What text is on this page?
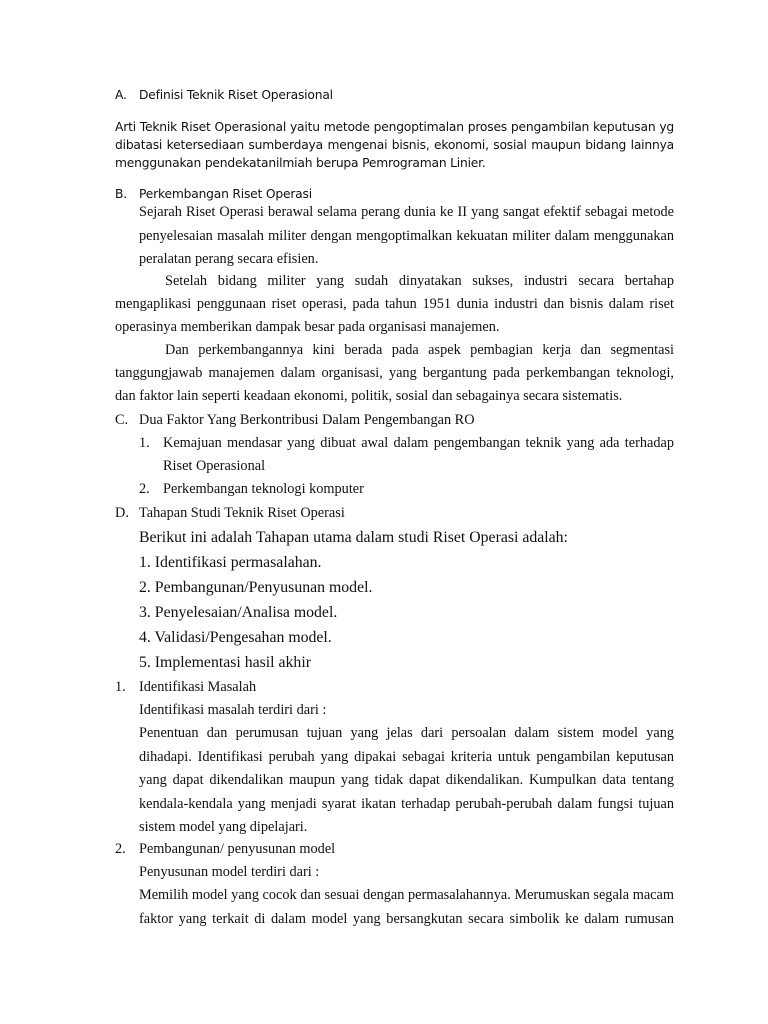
A. Definisi Teknik Riset Operasional
Arti Teknik Riset Operasional yaitu metode pengoptimalan proses pengambilan keputusan yg
dibatasi ketersediaan sumberdaya mengenai bisnis, ekonomi, sosial maupun bidang lainnya
menggunakan pendekatanilmiah berupa Pemrograman Linier.
B. Perkembangan Riset Operasi
Sejarah Riset Operasi berawal selama perang dunia ke II yang sangat efektif sebagai metode
penyelesaian masalah militer dengan mengoptimalkan kekuatan militer dalam menggunakan
peralatan perang secara efisien.
Setelah bidang militer yang sudah dinyatakan sukses, industri secara bertahap
mengaplikasi penggunaan riset operasi, pada tahun 1951 dunia industri dan bisnis dalam riset
operasinya memberikan dampak besar pada organisasi manajemen.
Dan perkembangannya kini berada pada aspek pembagian kerja dan segmentasi
tanggungjawab manajemen dalam organisasi, yang bergantung pada perkembangan teknologi,
dan faktor lain seperti keadaan ekonomi, politik, sosial dan sebagainya secara sistematis.
C. Dua Faktor Yang Berkontribusi Dalam Pengembangan RO
1. Kemajuan mendasar yang dibuat awal dalam pengembangan teknik yang ada terhadap
Riset Operasional
2. Perkembangan teknologi komputer
D. Tahapan Studi Teknik Riset Operasi
Berikut ini adalah Tahapan utama dalam studi Riset Operasi adalah:
1. Identifikasi permasalahan.
2. Pembangunan/Penyusunan model.
3. Penyelesaian/Analisa model.
4. Validasi/Pengesahan model.
5. Implementasi hasil akhir
1. Identifikasi Masalah
Identifikasi masalah terdiri dari :
Penentuan dan perumusan tujuan yang jelas dari persoalan dalam sistem model yang
dihadapi. Identifikasi perubah yang dipakai sebagai kriteria untuk pengambilan keputusan
yang dapat dikendalikan maupun yang tidak dapat dikendalikan. Kumpulkan data tentang
kendala-kendala yang menjadi syarat ikatan terhadap perubah-perubah dalam fungsi tujuan
sistem model yang dipelajari.
2. Pembangunan/ penyusunan model
Penyusunan model terdiri dari :
Memilih model yang cocok dan sesuai dengan permasalahannya. Merumuskan segala macam
faktor yang terkait di dalam model yang bersangkutan secara simbolik ke dalam rumusan
